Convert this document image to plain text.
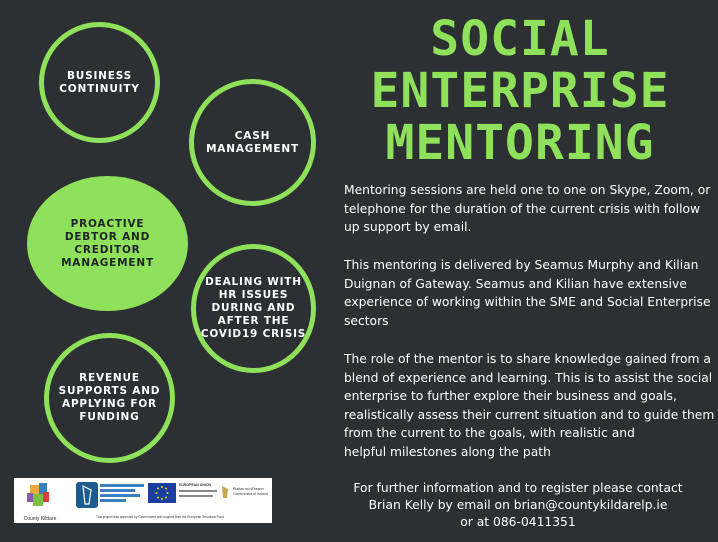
BUSINESS
CONTINUITY
CASH
MANAGEMENT
PROACTIVE
DEBTOR AND
CREDITOR
MANAGEMENT
DEALING WITH
HR ISSUES
DURING AND
AFTER THE
COVID19 CRISIS
REVENUE
SUPPORTS AND
APPLYING FOR
FUNDING
SOCIAL
ENTERPRISE
MENTORING
Mentoring sessions are held one to one on Skype, Zoom, or
telephone for the duration of the current crisis with follow
up support by email.
This mentoring is delivered by Seamus Murphy and Kilian
Duignan of Gateway. Seamus and Kilian have extensive
experience of working within the SME and Social Enterprise
sectors
The role of the mentor is to share knowledge gained from a
blend of experience and learning. This is to assist the social
enterprise to further explore their business and goals,
realistically assess their current situation and to guide them
from the current to the goals, with realistic and
helpful milestones along the path
For further information and to register please contact
Brian Kelly by email on brian@countykildarelp.ie
or at 086-0411351
County Kildare
EUROPEAN UNION
Rialtas na hÉireann
Government of Ireland
This project was approved by Government with support from the European Structural Fund
